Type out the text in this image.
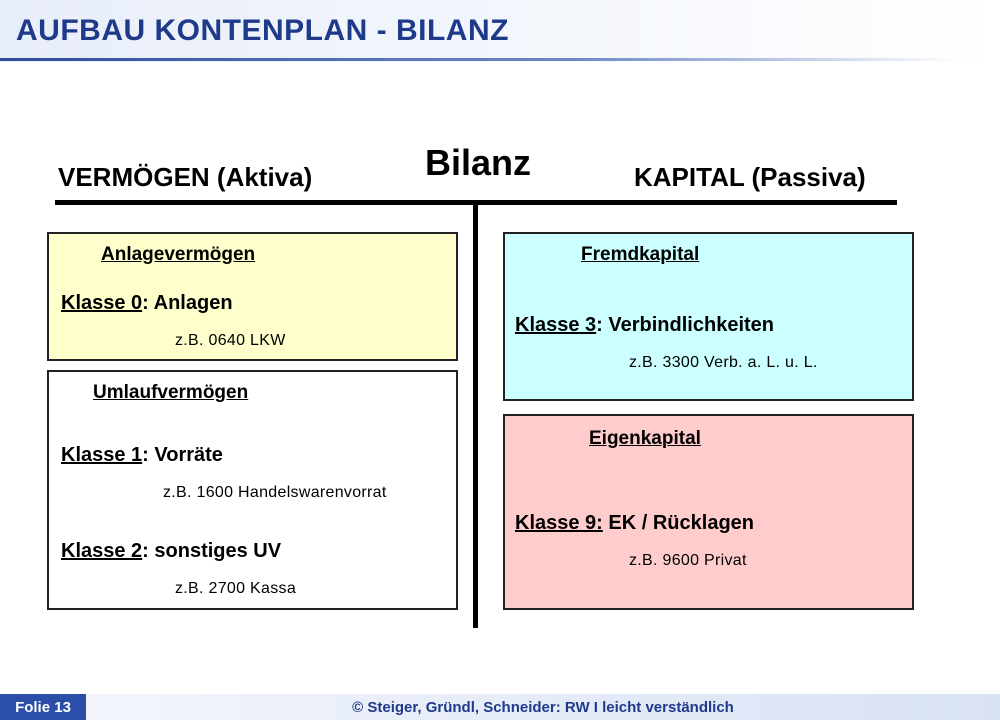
AUFBAU KONTENPLAN - BILANZ
Bilanz
VERMÖGEN (Aktiva)	KAPITAL (Passiva)
Anlagevermögen
Klasse 0: Anlagen
z.B. 0640 LKW
Umlaufvermögen
Klasse 1: Vorräte
z.B. 1600 Handelswarenvorrat
Klasse 2: sonstiges UV
z.B. 2700 Kassa
Fremdkapital
Klasse 3: Verbindlichkeiten
z.B. 3300 Verb. a. L. u. L.
Eigenkapital
Klasse 9: EK / Rücklagen
z.B. 9600 Privat
Folie 13	© Steiger, Gründl, Schneider: RW I leicht verständlich
